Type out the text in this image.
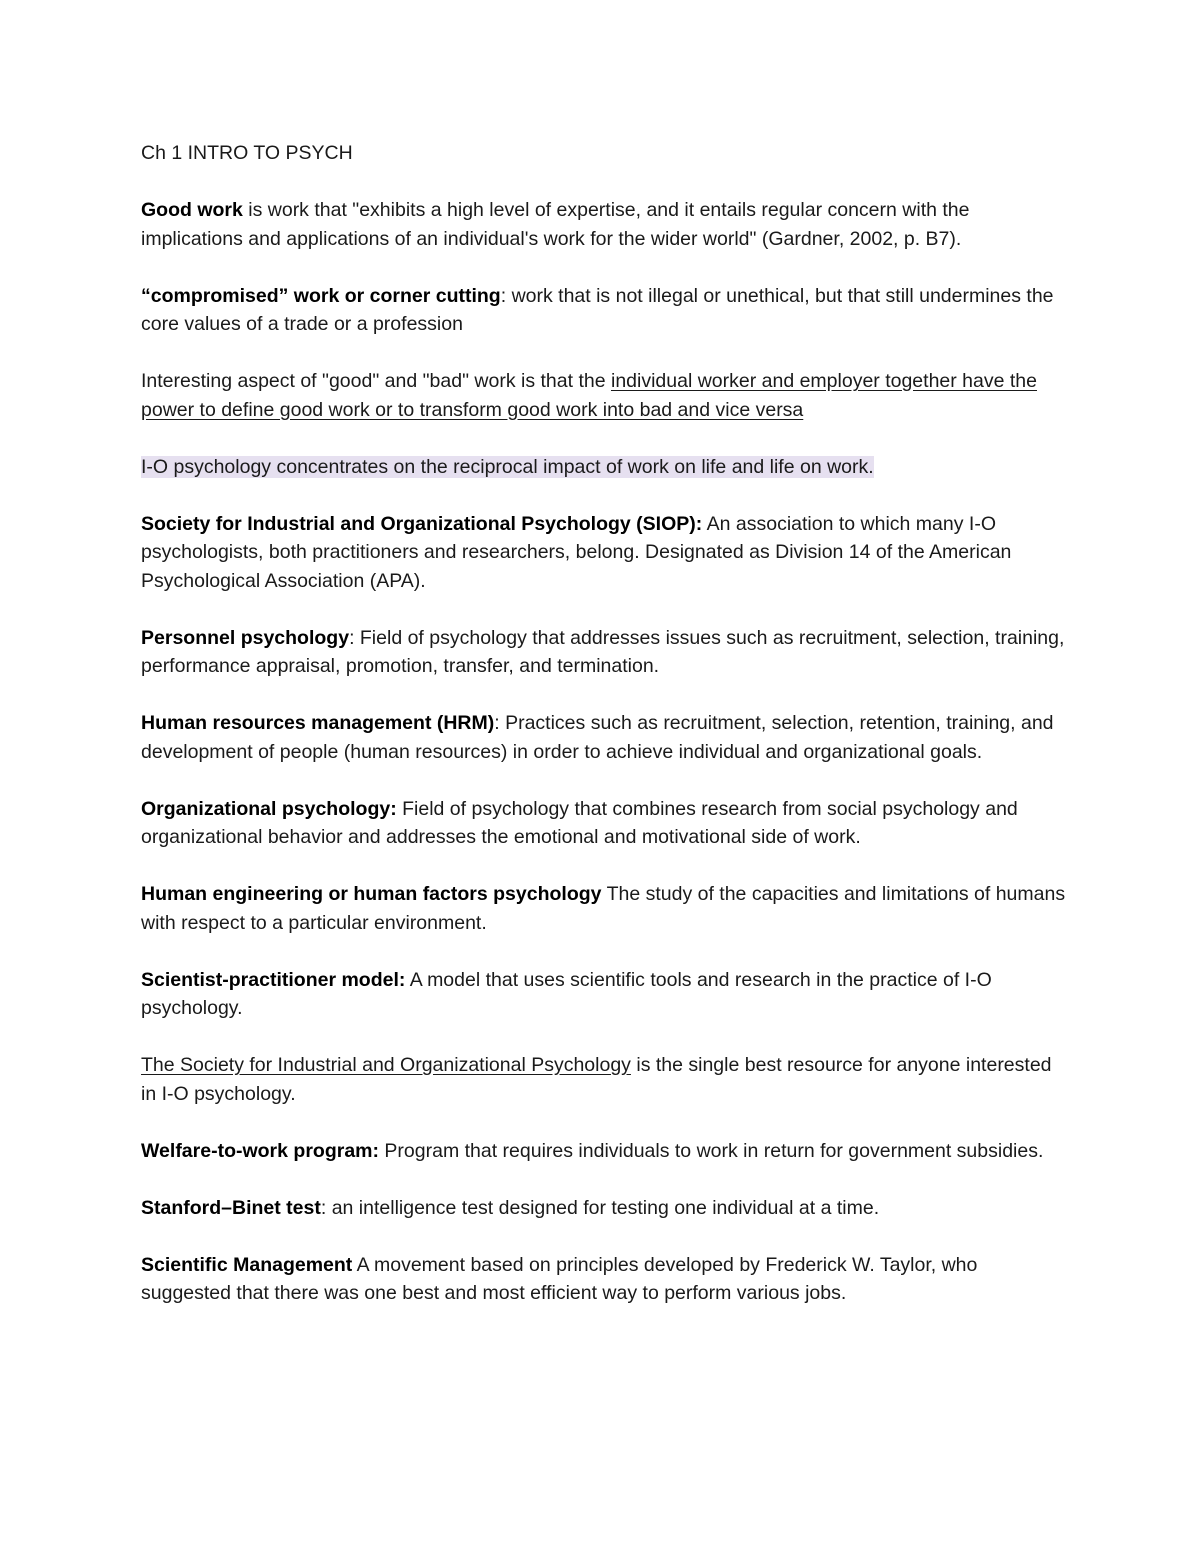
Ch 1 INTRO TO PSYCH

Good work is work that "exhibits a high level of expertise, and it entails regular concern with the implications and applications of an individual's work for the wider world" (Gardner, 2002, p. B7).

“compromised” work or corner cutting: work that is not illegal or unethical, but that still undermines the core values of a trade or a profession

Interesting aspect of "good" and "bad" work is that the individual worker and employer together have the power to define good work or to transform good work into bad and vice versa

I-O psychology concentrates on the reciprocal impact of work on life and life on work.

Society for Industrial and Organizational Psychology (SIOP): An association to which many I-O psychologists, both practitioners and researchers, belong. Designated as Division 14 of the American Psychological Association (APA).

Personnel psychology: Field of psychology that addresses issues such as recruitment, selection, training, performance appraisal, promotion, transfer, and termination.

Human resources management (HRM): Practices such as recruitment, selection, retention, training, and development of people (human resources) in order to achieve individual and organizational goals.

Organizational psychology: Field of psychology that combines research from social psychology and organizational behavior and addresses the emotional and motivational side of work.

Human engineering or human factors psychology The study of the capacities and limitations of humans with respect to a particular environment.

Scientist-practitioner model: A model that uses scientific tools and research in the practice of I-O psychology.

The Society for Industrial and Organizational Psychology is the single best resource for anyone interested in I-O psychology.

Welfare-to-work program: Program that requires individuals to work in return for government subsidies.

Stanford–Binet test: an intelligence test designed for testing one individual at a time.

Scientific Management A movement based on principles developed by Frederick W. Taylor, who suggested that there was one best and most efficient way to perform various jobs.
